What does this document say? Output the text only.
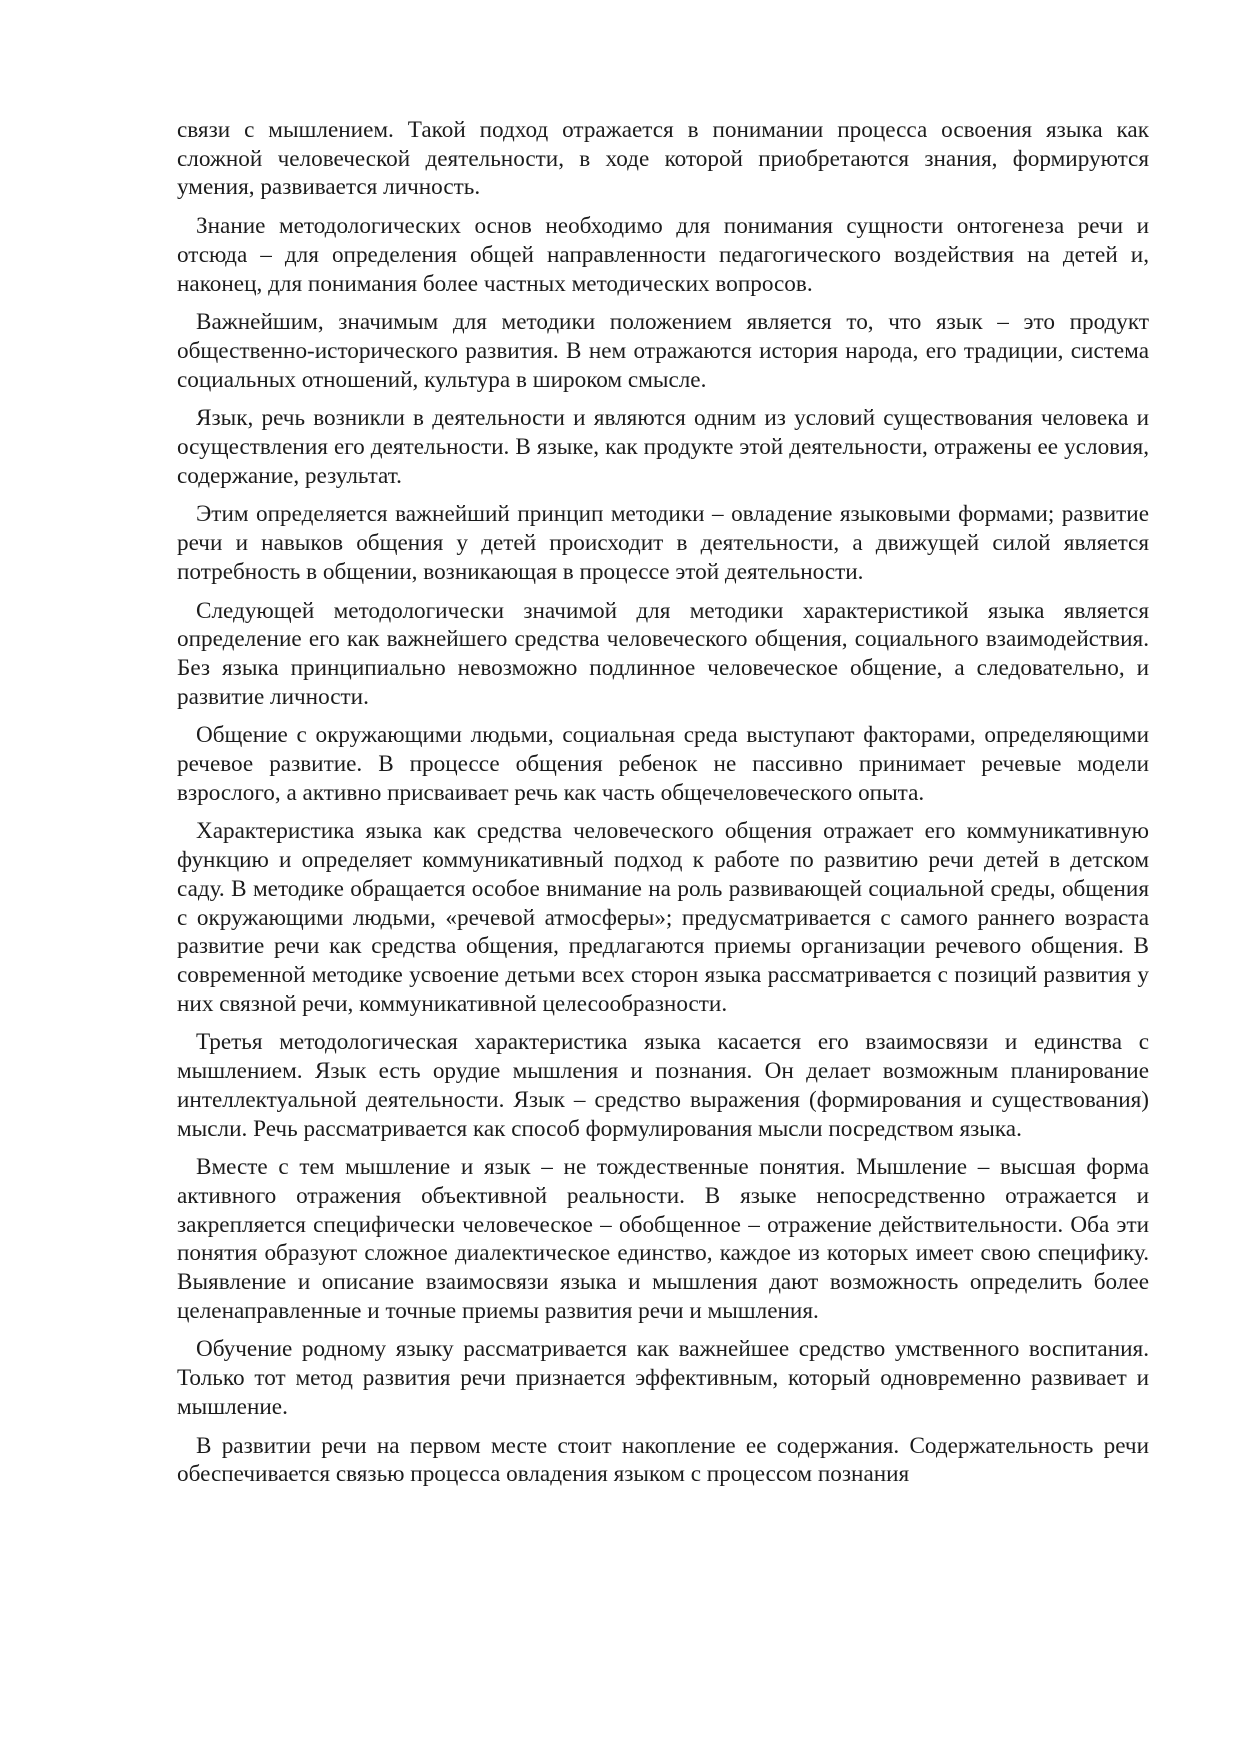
связи с мышлением. Такой подход отражается в понимании процесса освоения языка как сложной человеческой деятельности, в ходе которой приобретаются знания, формируются умения, развивается личность.

Знание методологических основ необходимо для понимания сущности онтогенеза речи и отсюда – для определения общей направленности педагогического воздействия на детей и, наконец, для понимания более частных методических вопросов.

Важнейшим, значимым для методики положением является то, что язык – это продукт общественно-исторического развития. В нем отражаются история народа, его традиции, система социальных отношений, культура в широком смысле.

Язык, речь возникли в деятельности и являются одним из условий существования человека и осуществления его деятельности. В языке, как продукте этой деятельности, отражены ее условия, содержание, результат.

Этим определяется важнейший принцип методики – овладение языковыми формами; развитие речи и навыков общения у детей происходит в деятельности, а движущей силой является потребность в общении, возникающая в процессе этой деятельности.

Следующей методологически значимой для методики характеристикой языка является определение его как важнейшего средства человеческого общения, социального взаимодействия. Без языка принципиально невозможно подлинное человеческое общение, а следовательно, и развитие личности.

Общение с окружающими людьми, социальная среда выступают факторами, определяющими речевое развитие. В процессе общения ребенок не пассивно принимает речевые модели взрослого, а активно присваивает речь как часть общечеловеческого опыта.

Характеристика языка как средства человеческого общения отражает его коммуникативную функцию и определяет коммуникативный подход к работе по развитию речи детей в детском саду. В методике обращается особое внимание на роль развивающей социальной среды, общения с окружающими людьми, «речевой атмосферы»; предусматривается с самого раннего возраста развитие речи как средства общения, предлагаются приемы организации речевого общения. В современной методике усвоение детьми всех сторон языка рассматривается с позиций развития у них связной речи, коммуникативной целесообразности.

Третья методологическая характеристика языка касается его взаимосвязи и единства с мышлением. Язык есть орудие мышления и познания. Он делает возможным планирование интеллектуальной деятельности. Язык – средство выражения (формирования и существования) мысли. Речь рассматривается как способ формулирования мысли посредством языка.

Вместе с тем мышление и язык – не тождественные понятия. Мышление – высшая форма активного отражения объективной реальности. В языке непосредственно отражается и закрепляется специфически человеческое – обобщенное – отражение действительности. Оба эти понятия образуют сложное диалектическое единство, каждое из которых имеет свою специфику. Выявление и описание взаимосвязи языка и мышления дают возможность определить более целенаправленные и точные приемы развития речи и мышления.

Обучение родному языку рассматривается как важнейшее средство умственного воспитания. Только тот метод развития речи признается эффективным, который одновременно развивает и мышление.

В развитии речи на первом месте стоит накопление ее содержания. Содержательность речи обеспечивается связью процесса овладения языком с процессом познания
